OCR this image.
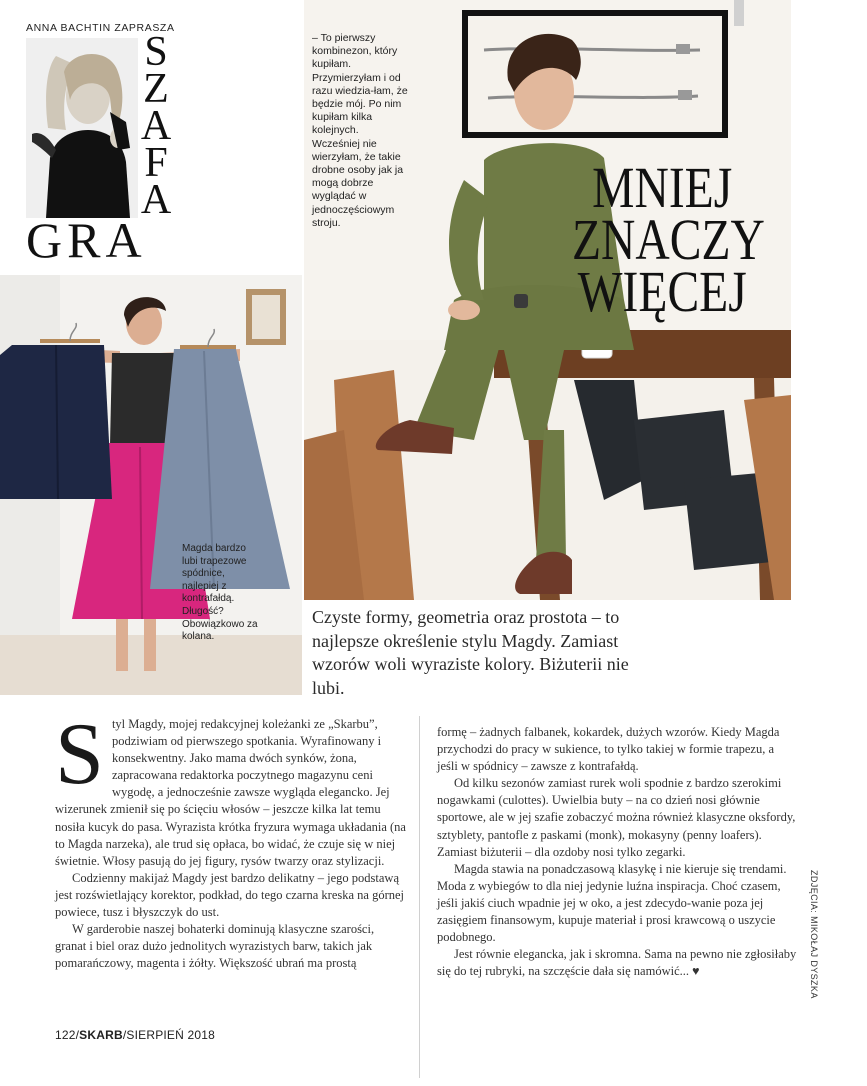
ANNA BACHTIN ZAPRASZA
S
Z
A
F
A
GRA
– To pierwszy kombinezon, który kupiłam. Przymierzyłam i od razu wiedzia-łam, że będzie mój. Po nim kupiłam kilka kolejnych. Wcześniej nie wierzyłam, że takie drobne osoby jak ja mogą dobrze wyglądać w jednoczęściowym stroju.
MNIEJ
ZNACZY
WIĘCEJ
Magda bardzo lubi trapezowe spódnice, najlepiej z kontrafałdą. Długość? Obowiązkowo za kolana.
Czyste formy, geometria oraz prostota – to najlepsze określenie stylu Magdy. Zamiast wzorów woli wyraziste kolory. Biżuterii nie lubi.
S tyl Magdy, mojej redakcyjnej koleżanki ze „Skarbu”, podziwiam od pierwszego spotkania. Wyrafinowany i konsekwentny. Jako mama dwóch synków, żona, zapracowana redaktorka poczytnego magazynu ceni wygodę, a jednocześnie zawsze wygląda elegancko. Jej wizerunek zmienił się po ścięciu włosów – jeszcze kilka lat temu nosiła kucyk do pasa. Wyrazista krótka fryzura wymaga układania (na to Magda narzeka), ale trud się opłaca, bo widać, że czuje się w niej świetnie. Włosy pasują do jej figury, rysów twarzy oraz stylizacji.

Codzienny makijaż Magdy jest bardzo delikatny – jego podstawą jest rozświetlający korektor, podkład, do tego czarna kreska na górnej powiece, tusz i błyszczyk do ust.

W garderobie naszej bohaterki dominują klasyczne szarości, granat i biel oraz dużo jednolitych wyrazistych barw, takich jak pomarańczowy, magenta i żółty. Większość ubrań ma prostą

formę – żadnych falbanek, kokardek, dużych wzorów. Kiedy Magda przychodzi do pracy w sukience, to tylko takiej w formie trapezu, a jeśli w spódnicy – zawsze z kontrafałdą.

Od kilku sezonów zamiast rurek woli spodnie z bardzo szerokimi nogawkami (culottes). Uwielbia buty – na co dzień nosi głównie sportowe, ale w jej szafie zobaczyć można również klasyczne oksfordy, sztyblety, pantofle z paskami (monk), mokasyny (penny loafers). Zamiast biżuterii – dla ozdoby nosi tylko zegarki.

Magda stawia na ponadczasową klasykę i nie kieruje się trendami. Moda z wybiegów to dla niej jedynie luźna inspiracja. Choć czasem, jeśli jakiś ciuch wpadnie jej w oko, a jest zdecydo-wanie poza jej zasięgiem finansowym, kupuje materiał i prosi krawcową o uszycie podobnego.

Jest równie elegancka, jak i skromna. Sama na pewno nie zgłosiłaby się do tej rubryki, na szczęście dała się namówić... ♥	ZDJĘCIA: MIKOŁAJ DYSZKA
122/SKARB/SIERPIEŃ 2018
